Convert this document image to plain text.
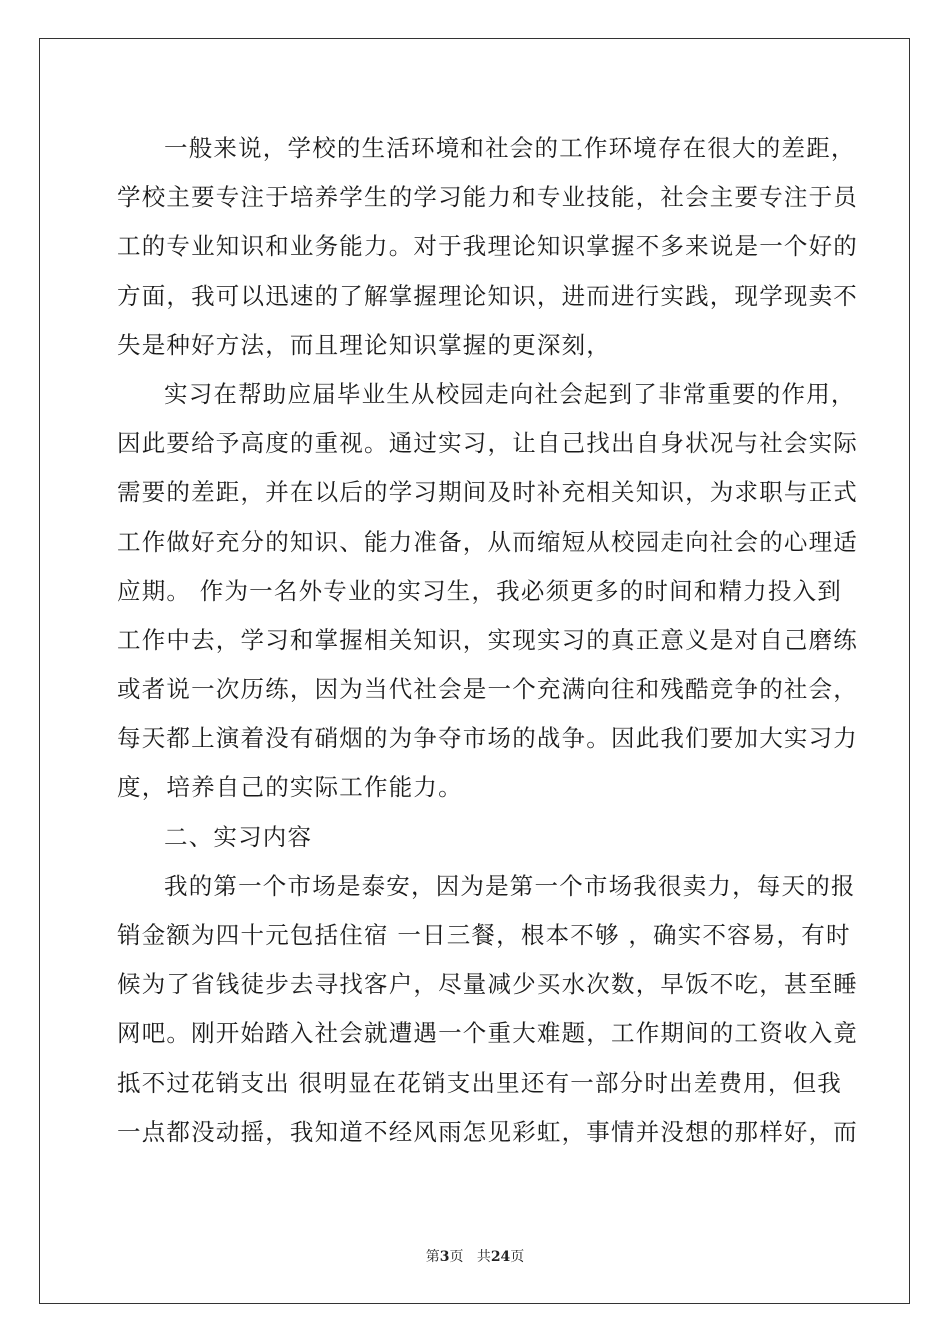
一般来说，学校的生活环境和社会的工作环境存在很大的差距，
学校主要专注于培养学生的学习能力和专业技能，社会主要专注于员
工的专业知识和业务能力。对于我理论知识掌握不多来说是一个好的
方面，我可以迅速的了解掌握理论知识，进而进行实践，现学现卖不
失是种好方法，而且理论知识掌握的更深刻，
实习在帮助应届毕业生从校园走向社会起到了非常重要的作用，
因此要给予高度的重视。通过实习，让自己找出自身状况与社会实际
需要的差距，并在以后的学习期间及时补充相关知识，为求职与正式
工作做好充分的知识、能力准备，从而缩短从校园走向社会的心理适
应期。 作为一名外专业的实习生，我必须更多的时间和精力投入到
工作中去，学习和掌握相关知识，实现实习的真正意义是对自己磨练
或者说一次历练，因为当代社会是一个充满向往和残酷竞争的社会，
每天都上演着没有硝烟的为争夺市场的战争。因此我们要加大实习力
度，培养自己的实际工作能力。
二、实习内容
我的第一个市场是泰安，因为是第一个市场我很卖力，每天的报
销金额为四十元包括住宿 一日三餐，根本不够 ，确实不容易，有时
候为了省钱徒步去寻找客户，尽量减少买水次数，早饭不吃，甚至睡
网吧。刚开始踏入社会就遭遇一个重大难题，工作期间的工资收入竟
抵不过花销支出 很明显在花销支出里还有一部分时出差费用，但我
一点都没动摇，我知道不经风雨怎见彩虹，事情并没想的那样好，而
第3页 共24页
